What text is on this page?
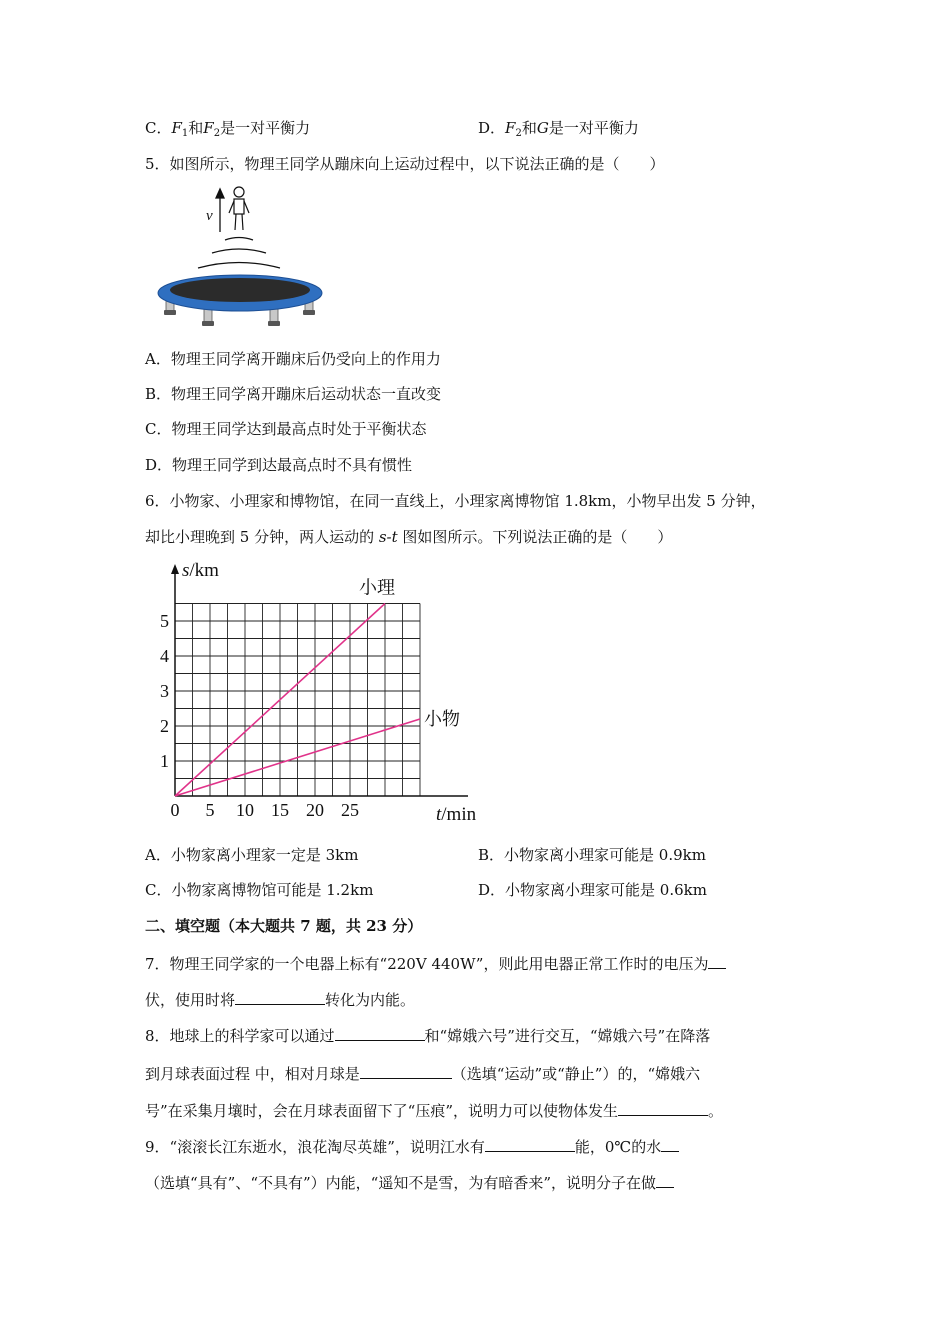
C．$F_1$和$F_2$是一对平衡力	D．$F_2$和G是一对平衡力
5．如图所示，物理王同学从蹦床向上运动过程中，以下说法正确的是（　　）
v
A．物理王同学离开蹦床后仍受向上的作用力
B．物理王同学离开蹦床后运动状态一直改变
C．物理王同学达到最高点时处于平衡状态
D．物理王同学到达最高点时不具有惯性
6．小物家、小理家和博物馆，在同一直线上，小理家离博物馆 1.8km，小物早出发 5 分钟，
却比小理晚到 5 分钟，两人运动的 s-t 图如图所示。下列说法正确的是（　　）
s/km
t/min
0 5 10 15 20 25
1
2
3
4
5
小理
小物
A．小物家离小理家一定是 3km	B．小物家离小理家可能是 0.9km
C．小物家离博物馆可能是 1.2km	D．小物家离小理家可能是 0.6km
二、填空题（本大题共 7 题，共 23 分）
7．物理王同学家的一个电器上标有“220V 440W”，则此用电器正常工作时的电压为
伏，使用时将	转化为内能。
8．地球上的科学家可以通过	和“嫦娥六号”进行交互，“嫦娥六号”在降落
到月球表面过程 中，相对月球是	（选填“运动”或“静止”）的，“嫦娥六
号”在采集月壤时，会在月球表面留下了“压痕”，说明力可以使物体发生	。
9．“滚滚长江东逝水，浪花淘尽英雄”，说明江水有	能，0℃的水
（选填“具有”、“不具有”）内能，“遥知不是雪，为有暗香来”，说明分子在做
